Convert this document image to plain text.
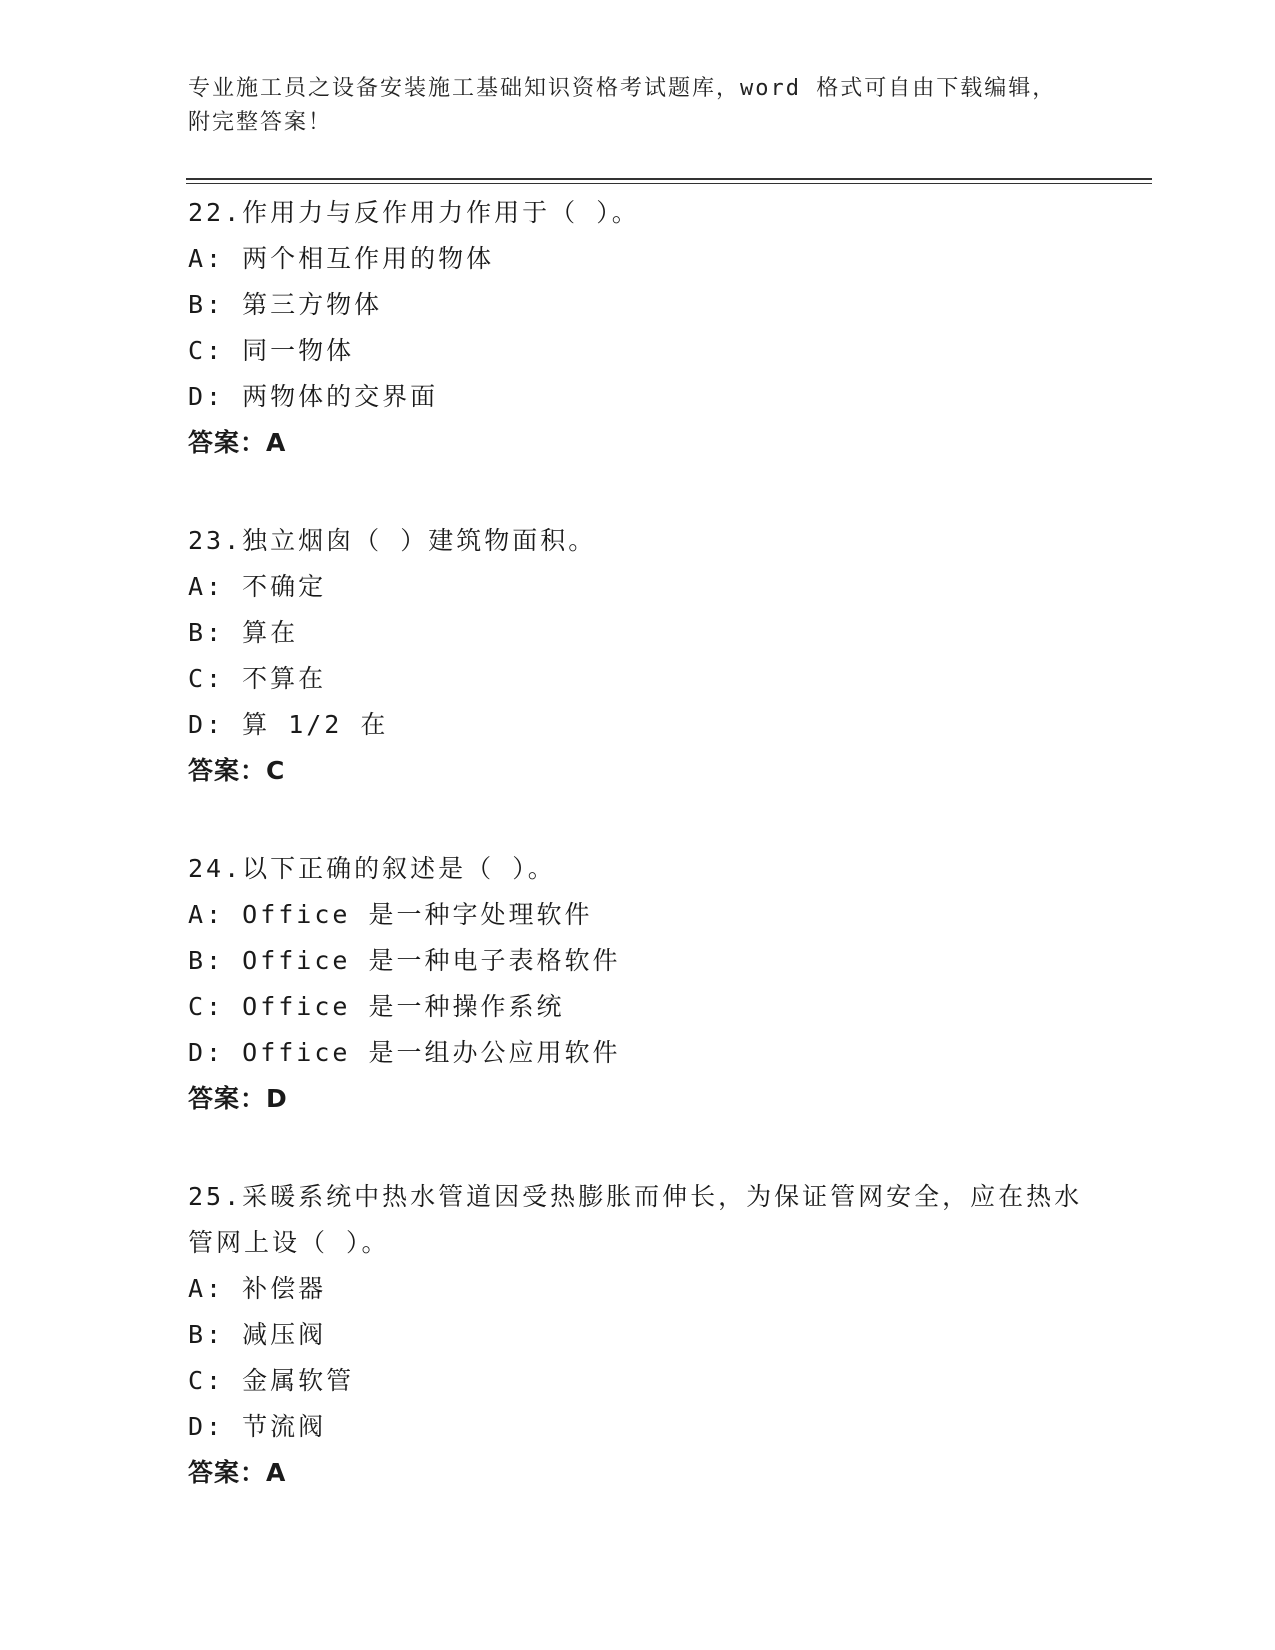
专业施工员之设备安装施工基础知识资格考试题库，word 格式可自由下载编辑，附完整答案！
22.作用力与反作用力作用于（ ）。
A: 两个相互作用的物体
B: 第三方物体
C: 同一物体
D: 两物体的交界面
答案：A
23.独立烟囱（ ）建筑物面积。
A: 不确定
B: 算在
C: 不算在
D: 算 1/2 在
答案：C
24.以下正确的叙述是（ ）。
A: Office 是一种字处理软件
B: Office 是一种电子表格软件
C: Office 是一种操作系统
D: Office 是一组办公应用软件
答案：D
25.采暖系统中热水管道因受热膨胀而伸长，为保证管网安全，应在热水管网上设（ ）。
A: 补偿器
B: 减压阀
C: 金属软管
D: 节流阀
答案：A
